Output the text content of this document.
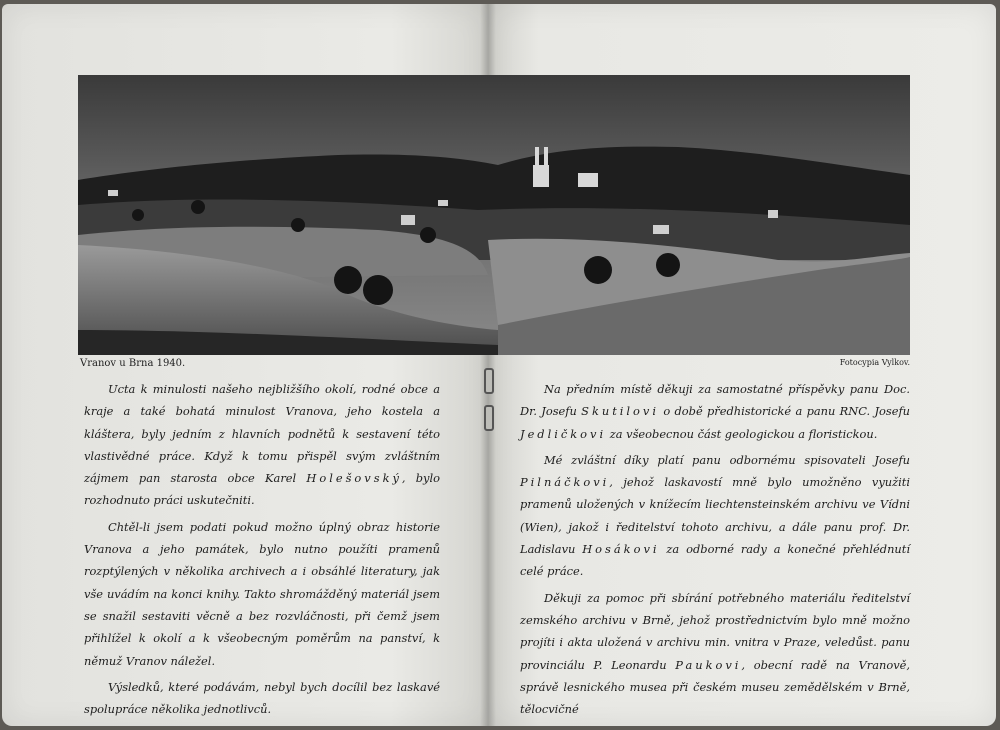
Vranov u Brna 1940.	Fotocypia Vylkov.

Ucta k minulosti našeho nejbližšího okolí, rodné obce a kraje a také bohatá minulost Vranova, jeho kostela a kláštera, byly jedním z hlavních podnětů k sestavení této vlastivědné práce. Když k tomu přispěl svým zvláštním zájmem pan starosta obce Karel Holešovský, bylo rozhodnuto práci uskutečniti.

Chtěl-li jsem podati pokud možno úplný obraz historie Vranova a jeho památek, bylo nutno použíti pramenů rozptýlených v několika archivech a i obsáhlé literatury, jak vše uvádím na konci knihy. Takto shromážděný materiál jsem se snažil sestaviti věcně a bez rozvláčnosti, při čemž jsem přihlížel k okolí a k všeobecným poměrům na panství, k němuž Vranov náležel.

Výsledků, které podávám, nebyl bych docílil bez laskavé spolupráce několika jednotlivců.

Na předním místě děkuji za samostatné příspěvky panu Doc. Dr. Josefu Skutilovi o době předhistorické a panu RNC. Josefu Jedličkovi za všeobecnou část geologickou a floristickou.

Mé zvláštní díky platí panu odbornému spisovateli Josefu Pilnáčkovi, jehož laskavostí mně bylo umožněno využiti pramenů uložených v knížecím liechtensteinském archivu ve Vídni (Wien), jakož i ředitelství tohoto archivu, a dále panu prof. Dr. Ladislavu Hosákovi za odborné rady a konečné přehlédnutí celé práce.

Děkuji za pomoc při sbírání potřebného materiálu ředitelství zemského archivu v Brně, jehož prostřednictvím bylo mně možno projíti i akta uložená v archivu min. vnitra v Praze, veledůst. panu provinciálu P. Leonardu Paukovi, obecní radě na Vranově, správě lesnického musea při českém museu zemědělském v Brně, tělocvičné
